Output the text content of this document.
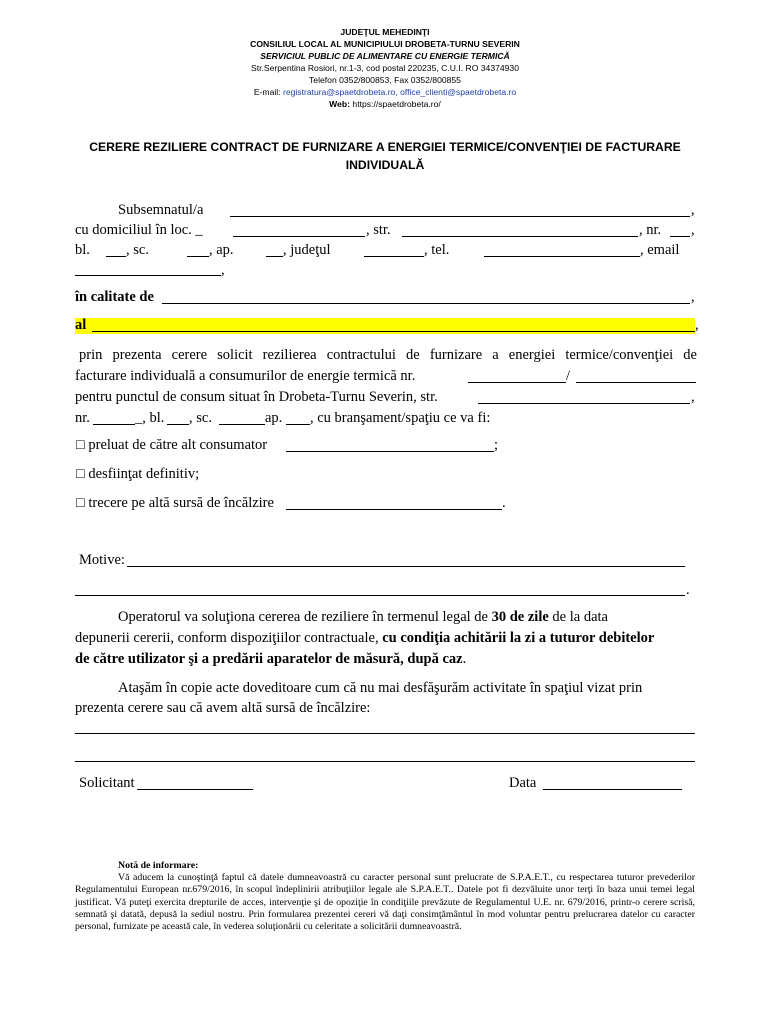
JUDEŢUL MEHEDINŢI
CONSILIUL LOCAL AL MUNICIPIULUI DROBETA-TURNU SEVERIN
SERVICIUL PUBLIC DE ALIMENTARE CU ENERGIE TERMICĂ
Str.Serpentina Rosiori, nr.1-3, cod postal 220235, C.U.I. RO 34374930
Telefon 0352/800853, Fax 0352/800855
E-mail: registratura@spaetdrobeta.ro, office_clienti@spaetdrobeta.ro
Web: https://spaetdrobeta.ro/
CERERE REZILIERE CONTRACT DE FURNIZARE A ENERGIEI TERMICE/CONVENŢIEI DE FACTURARE
INDIVIDUALĂ
Subsemnatul/a	,
cu domiciliul în loc. _	, str.	, nr. ,
bl. , sc.	, ap.	, judeţul	, tel.	, email
,
în calitate de	,
al	,
prin prezenta cerere solicit rezilierea contractului de furnizare a energiei termice/convenţiei de
facturare individuală a consumurilor de energie termică nr.	/
pentru punctul de consum situat în Drobeta-Turnu Severin, str.	,
nr.	_, bl. , sc.	ap. , cu branşament/spaţiu ce va fi:
□ preluat de către alt consumator	;
□ desfiinţat definitiv;
□ trecere pe altă sursă de încălzire	.
Motive:
.
Operatorul va soluţiona cererea de reziliere în termenul legal de 30 de zile de la data
depunerii cererii, conform dispoziţiilor contractuale, cu condiţia achitării la zi a tuturor debitelor
de către utilizator şi a predării aparatelor de măsură, după caz.
Ataşăm în copie acte doveditoare cum că nu mai desfăşurăm activitate în spaţiul vizat prin
prezenta cerere sau că avem altă sursă de încălzire:
Solicitant	Data
Notă de informare:
Vă aducem la cunoştinţă faptul că datele dumneavoastră cu caracter personal sunt prelucrate de S.P.A.E.T., cu respectarea tuturor prevederilor Regulamentului European nr.679/2016, în scopul îndeplinirii atribuţiilor legale ale S.P.A.E.T.. Datele pot fi dezvăluite unor terţi în baza unui temei legal justificat. Vă puteţi exercita drepturile de acces, intervenţie şi de opoziţie în condiţiile prevăzute de Regulamentul U.E. nr. 679/2016, printr-o cerere scrisă, semnată şi datată, depusă la sediul nostru. Prin formularea prezentei cereri vă daţi consimţământul în mod voluntar pentru prelucrarea datelor cu caracter personal, furnizate pe această cale, în vederea soluţionării cu celeritate a solicitării dumneavoastră.
